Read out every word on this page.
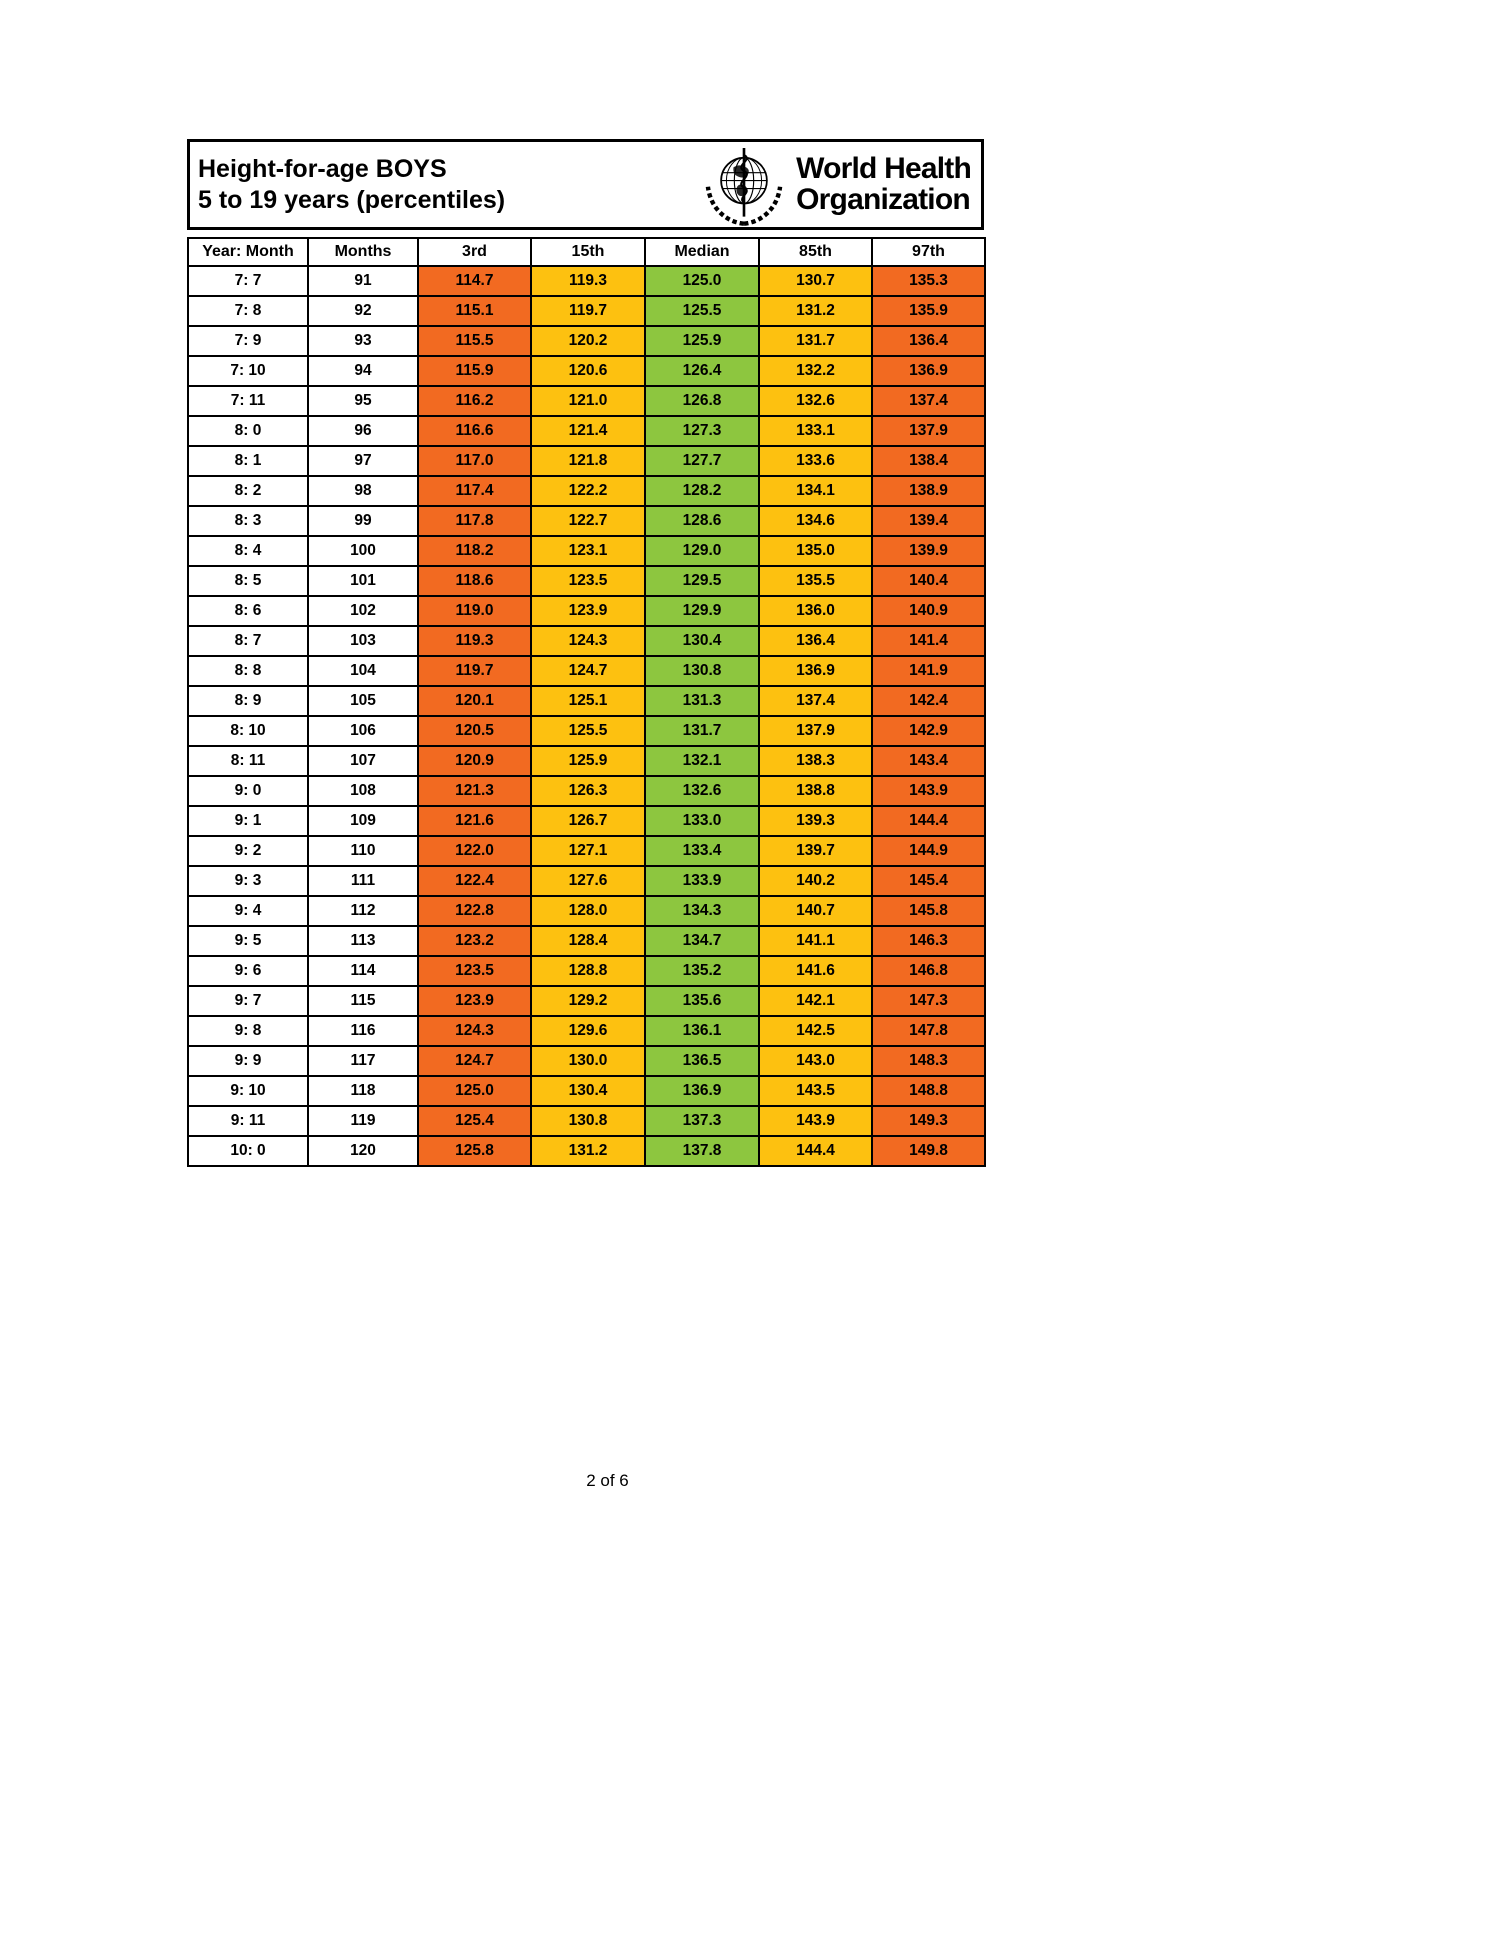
Height-for-age BOYS
5 to 19 years (percentiles)
World Health
Organization
Year: Month	Months	3rd	15th	Median	85th	97th
7: 7	91	114.7	119.3	125.0	130.7	135.3
7: 8	92	115.1	119.7	125.5	131.2	135.9
7: 9	93	115.5	120.2	125.9	131.7	136.4
7: 10	94	115.9	120.6	126.4	132.2	136.9
7: 11	95	116.2	121.0	126.8	132.6	137.4
8: 0	96	116.6	121.4	127.3	133.1	137.9
8: 1	97	117.0	121.8	127.7	133.6	138.4
8: 2	98	117.4	122.2	128.2	134.1	138.9
8: 3	99	117.8	122.7	128.6	134.6	139.4
8: 4	100	118.2	123.1	129.0	135.0	139.9
8: 5	101	118.6	123.5	129.5	135.5	140.4
8: 6	102	119.0	123.9	129.9	136.0	140.9
8: 7	103	119.3	124.3	130.4	136.4	141.4
8: 8	104	119.7	124.7	130.8	136.9	141.9
8: 9	105	120.1	125.1	131.3	137.4	142.4
8: 10	106	120.5	125.5	131.7	137.9	142.9
8: 11	107	120.9	125.9	132.1	138.3	143.4
9: 0	108	121.3	126.3	132.6	138.8	143.9
9: 1	109	121.6	126.7	133.0	139.3	144.4
9: 2	110	122.0	127.1	133.4	139.7	144.9
9: 3	111	122.4	127.6	133.9	140.2	145.4
9: 4	112	122.8	128.0	134.3	140.7	145.8
9: 5	113	123.2	128.4	134.7	141.1	146.3
9: 6	114	123.5	128.8	135.2	141.6	146.8
9: 7	115	123.9	129.2	135.6	142.1	147.3
9: 8	116	124.3	129.6	136.1	142.5	147.8
9: 9	117	124.7	130.0	136.5	143.0	148.3
9: 10	118	125.0	130.4	136.9	143.5	148.8
9: 11	119	125.4	130.8	137.3	143.9	149.3
10: 0	120	125.8	131.2	137.8	144.4	149.8
2 of 6
